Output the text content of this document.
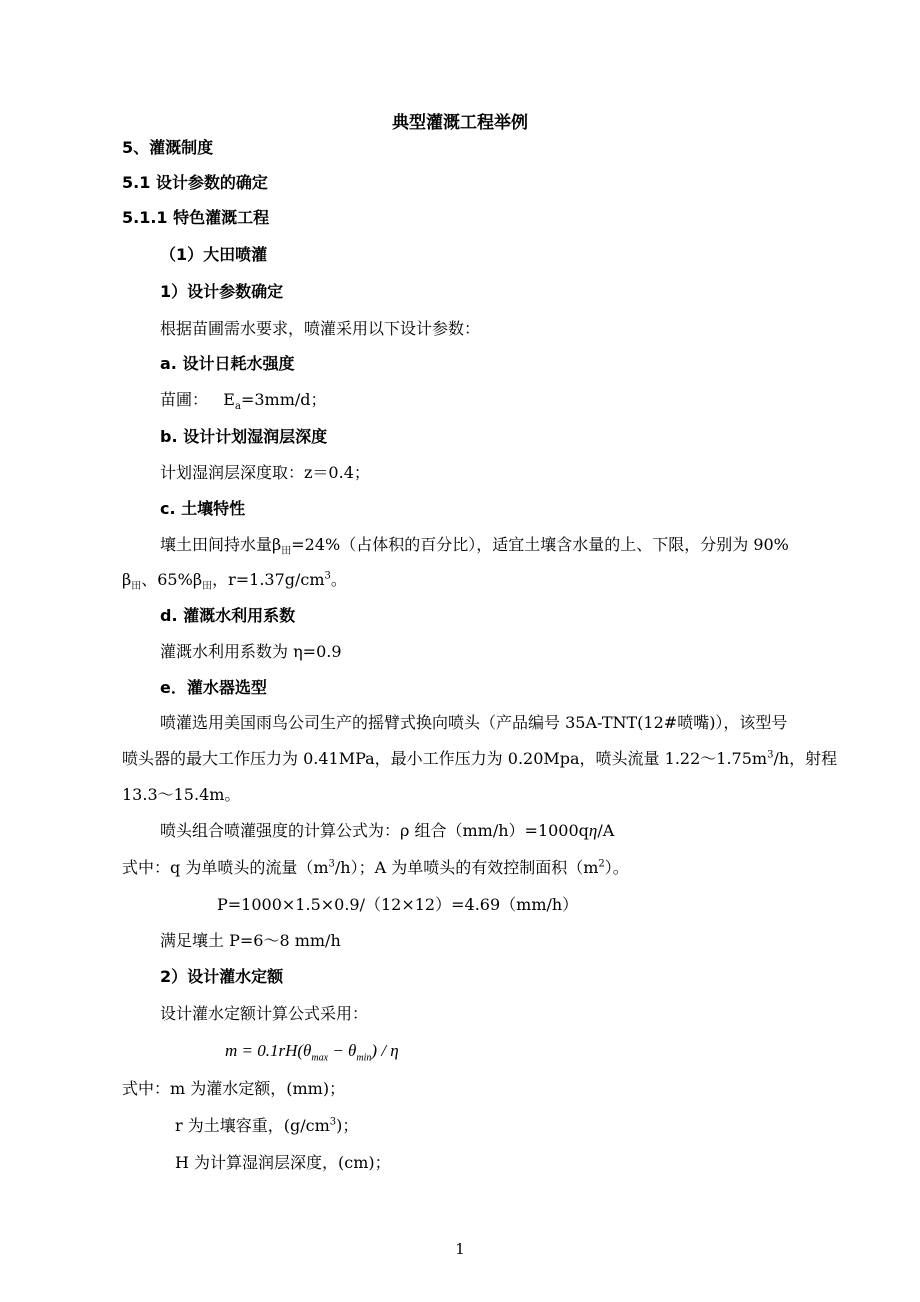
典型灌溉工程举例
5、灌溉制度
5.1 设计参数的确定
5.1.1 特色灌溉工程
（1）大田喷灌
1）设计参数确定
根据苗圃需水要求，喷灌采用以下设计参数：
a. 设计日耗水强度
苗圃： $E_a=3mm/d$；
b. 设计计划湿润层深度
计划湿润层深度取：z＝0.4；
c. 土壤特性
壤土田间持水量$\beta_田=24\%$（占体积的百分比），适宜土壤含水量的上、下限，分别为 90%
$\beta_田$、$65\%\beta_田$，$r=1.37g/cm^3$。
d. 灌溉水利用系数
灌溉水利用系数为 η=0.9
e．灌水器选型
喷灌选用美国雨鸟公司生产的摇臂式换向喷头（产品编号 35A-TNT(12#喷嘴)），该型号
喷头器的最大工作压力为 0.41MPa，最小工作压力为 0.20Mpa，喷头流量 $1.22\sim 1.75m^3/h$，射程
13.3～15.4m。
喷头组合喷灌强度的计算公式为：ρ 组合（mm/h）=1000qη/A
式中：q 为单喷头的流量$(m^3/h)$；A 为单喷头的有效控制面积$(m^2)$。
P=1000×1.5×0.9/（12×12）=4.69（mm/h）
满足壤土 P=6～8 mm/h
2）设计灌水定额
设计灌水定额计算公式采用：
$m = 0.1rH(\theta_{max} - \theta_{min}) / \eta$
式中：m 为灌水定额，(mm)；
r 为土壤容重，$(g/cm^3)$；
H 为计算湿润层深度，(cm)；
1
